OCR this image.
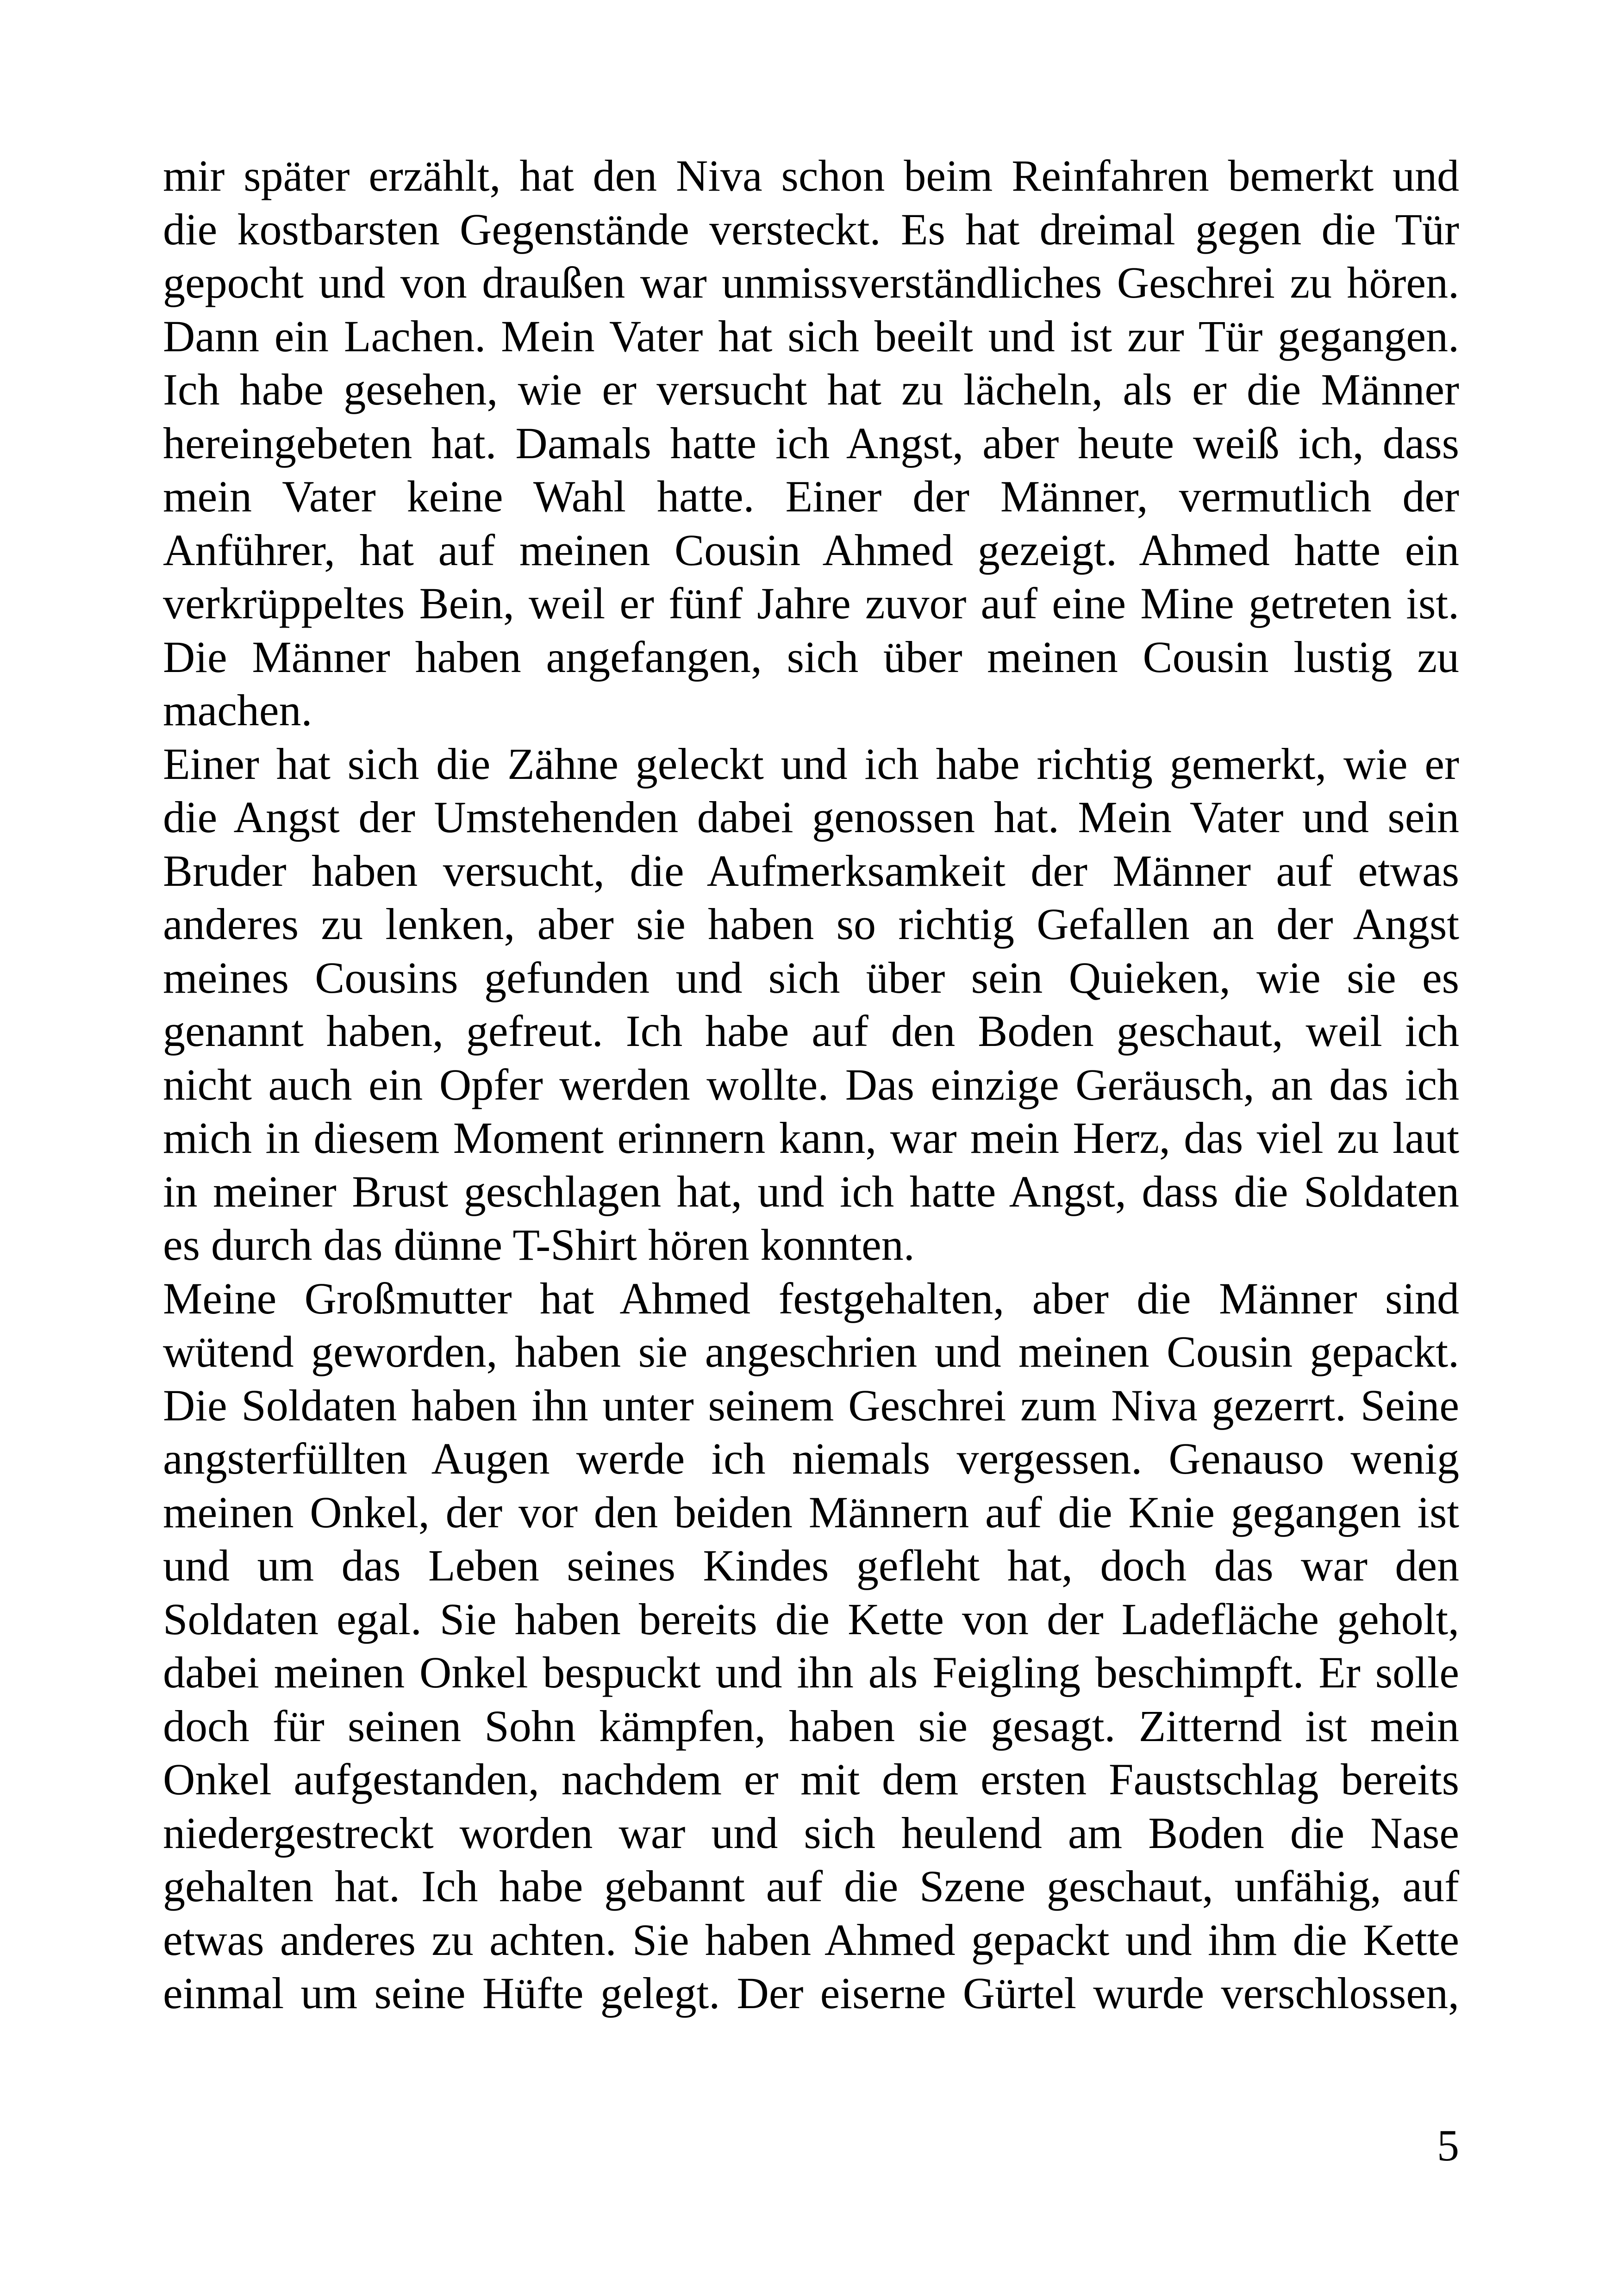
mir später erzählt, hat den Niva schon beim Reinfahren bemerkt und
die kostbarsten Gegenstände versteckt. Es hat dreimal gegen die Tür
gepocht und von draußen war unmissverständliches Geschrei zu hören.
Dann ein Lachen. Mein Vater hat sich beeilt und ist zur Tür gegangen.
Ich habe gesehen, wie er versucht hat zu lächeln, als er die Männer
hereingebeten hat. Damals hatte ich Angst, aber heute weiß ich, dass
mein Vater keine Wahl hatte. Einer der Männer, vermutlich der
Anführer, hat auf meinen Cousin Ahmed gezeigt. Ahmed hatte ein
verkrüppeltes Bein, weil er fünf Jahre zuvor auf eine Mine getreten ist.
Die Männer haben angefangen, sich über meinen Cousin lustig zu
machen.
Einer hat sich die Zähne geleckt und ich habe richtig gemerkt, wie er
die Angst der Umstehenden dabei genossen hat. Mein Vater und sein
Bruder haben versucht, die Aufmerksamkeit der Männer auf etwas
anderes zu lenken, aber sie haben so richtig Gefallen an der Angst
meines Cousins gefunden und sich über sein Quieken, wie sie es
genannt haben, gefreut. Ich habe auf den Boden geschaut, weil ich
nicht auch ein Opfer werden wollte. Das einzige Geräusch, an das ich
mich in diesem Moment erinnern kann, war mein Herz, das viel zu laut
in meiner Brust geschlagen hat, und ich hatte Angst, dass die Soldaten
es durch das dünne T-Shirt hören konnten.
Meine Großmutter hat Ahmed festgehalten, aber die Männer sind
wütend geworden, haben sie angeschrien und meinen Cousin gepackt.
Die Soldaten haben ihn unter seinem Geschrei zum Niva gezerrt. Seine
angsterfüllten Augen werde ich niemals vergessen. Genauso wenig
meinen Onkel, der vor den beiden Männern auf die Knie gegangen ist
und um das Leben seines Kindes gefleht hat, doch das war den
Soldaten egal. Sie haben bereits die Kette von der Ladefläche geholt,
dabei meinen Onkel bespuckt und ihn als Feigling beschimpft. Er solle
doch für seinen Sohn kämpfen, haben sie gesagt. Zitternd ist mein
Onkel aufgestanden, nachdem er mit dem ersten Faustschlag bereits
niedergestreckt worden war und sich heulend am Boden die Nase
gehalten hat. Ich habe gebannt auf die Szene geschaut, unfähig, auf
etwas anderes zu achten. Sie haben Ahmed gepackt und ihm die Kette
einmal um seine Hüfte gelegt. Der eiserne Gürtel wurde verschlossen,
5
